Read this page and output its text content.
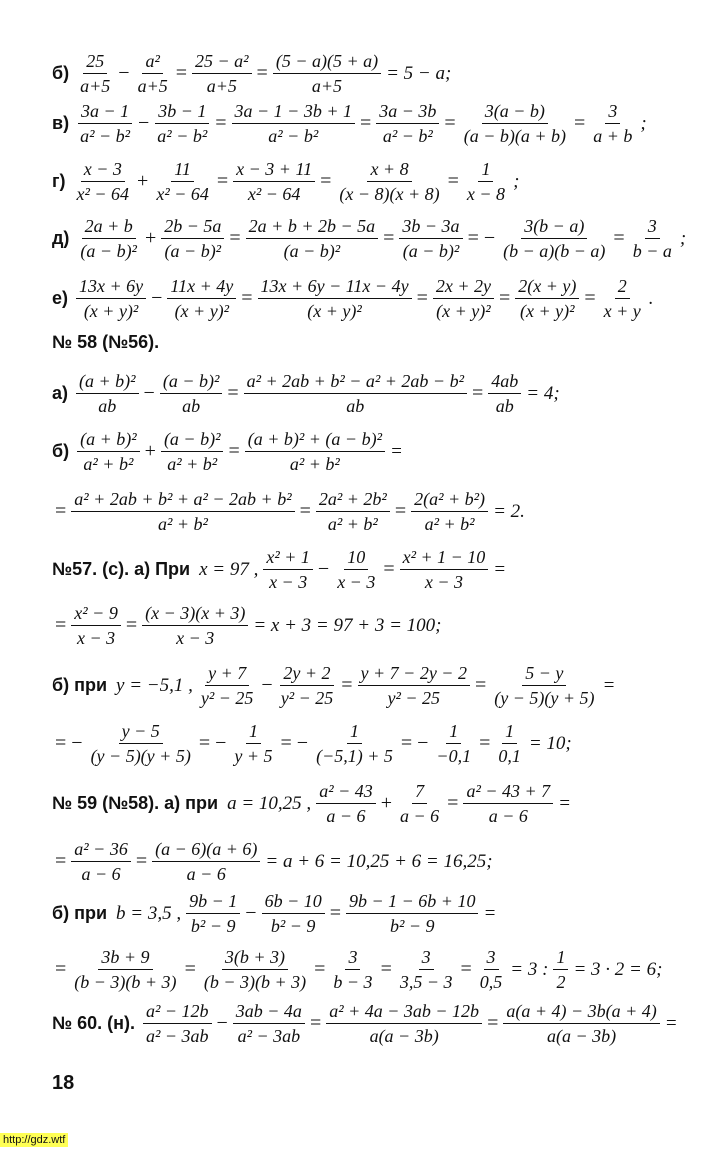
$б) \frac{25}{a+5} - \frac{\text{a²}}{a+5} = \frac{\text{25 − a²}}{a+5} = \frac{(5 - a)(5 + a)}{a+5} = 5 - a$;
$в) \frac{3a - 1}{\text{a² − b²}} - \frac{3b - 1}{\text{a² − b²}} = \frac{3a - 1 - 3b + 1}{\text{a² − b²}} = \frac{3a - 3b}{\text{a² − b²}} = \frac{3(a - b)}{(a - b)(a + b)} = \frac{3}{a + b}$ ;
$г) \frac{x - 3}{\text{x² − 64}} + \frac{11}{\text{x² − 64}} = \frac{x - 3 + 11}{\text{x² − 64}} = \frac{x + 8}{(x - 8)(x + 8)} = \frac{1}{x - 8}$ ;
$д) \frac{2a + b}{\text{(a − b)²}} + \frac{2b - 5a}{\text{(a − b)²}} = \frac{2a + b + 2b - 5a}{\text{(a − b)²}} = \frac{3b - 3a}{\text{(a − b)²}}$ = − $\frac{3(b - a)}{(b - a)(b - a)} = \frac{3}{b - a}$ ;
$е) \frac{13x + 6y}{\text{(x + y)²}} - \frac{11x + 4y}{\text{(x + y)²}} = \frac{13x + 6y - 11x - 4y}{\text{(x + y)²}} = \frac{2x + 2y}{\text{(x + y)²}} = \frac{2(x + y)}{\text{(x + y)²}} = \frac{2}{x + y}$ .
№ 58 (№56).
$а) \frac{\text{(a + b)²}}{ab} - \frac{\text{(a − b)²}}{ab} = \frac{\text{a² + 2ab + b² − a² + 2ab − b²}}{ab} = \frac{4ab}{ab} = 4$;
$б) \frac{\text{(a + b)²}}{\text{a² + b²}} + \frac{\text{(a − b)²}}{\text{a² + b²}} = \frac{\text{(a + b)² + (a − b)²}}{\text{a² + b²}}$ =
= $\frac{\text{a² + 2ab + b² + a² − 2ab + b²}}{\text{a² + b²}} = \frac{\text{2a² + 2b²}}{\text{a² + b²}} = \frac{\text{2(a² + b²)}}{\text{a² + b²}} = 2$.
№57. (с). а) При x = 97 , $\frac{\text{x² + 1}}{x - 3} - \frac{10}{x - 3} = \frac{\text{x² + 1 − 10}}{x - 3}$ =
= $\frac{\text{x² − 9}}{x - 3} = \frac{(x - 3)(x + 3)}{x - 3} = x + 3 = 97 + 3 = 100$;
б) при y = −5,1 , $\frac{y + 7}{\text{y² − 25}} - \frac{2y + 2}{\text{y² − 25}} = \frac{y + 7 - 2y - 2}{\text{y² − 25}} = \frac{5 - y}{(y - 5)(y + 5)}$ =
= − $\frac{y - 5}{(y - 5)(y + 5)}$ = − $\frac{1}{y + 5}$ = − $\frac{1}{(-5,1) + 5}$ = − $\frac{1}{-0,1} = \frac{1}{0,1} = 10$;
№ 59 (№58). а) при a = 10,25 , $\frac{\text{a² − 43}}{a - 6} + \frac{7}{a - 6} = \frac{\text{a² − 43 + 7}}{a - 6}$ =
= $\frac{\text{a² − 36}}{a - 6} = \frac{(a - 6)(a + 6)}{a - 6} = a + 6 = 10,25 + 6 = 16,25$;
б) при b = 3,5 , $\frac{9b - 1}{\text{b² − 9}} - \frac{6b - 10}{\text{b² − 9}} = \frac{9b - 1 - 6b + 10}{\text{b² − 9}}$ =
= $\frac{3b + 9}{(b - 3)(b + 3)} = \frac{3(b + 3)}{(b - 3)(b + 3)} = \frac{3}{b - 3} = \frac{3}{3,5 - 3} = \frac{3}{0,5} = 3$ : $\frac{1}{2} = 3 \cdot 2 = 6$;
№ 60. (н). $\frac{\text{a² − 12b}}{\text{a² − 3ab}} - \frac{3ab - 4a}{\text{a² − 3ab}} = \frac{\text{a² + 4a − 3ab − 12b}}{a(a - 3b)} = \frac{a(a + 4) - 3b(a + 4)}{a(a - 3b)}$ =
18
http://gdz.wtf
